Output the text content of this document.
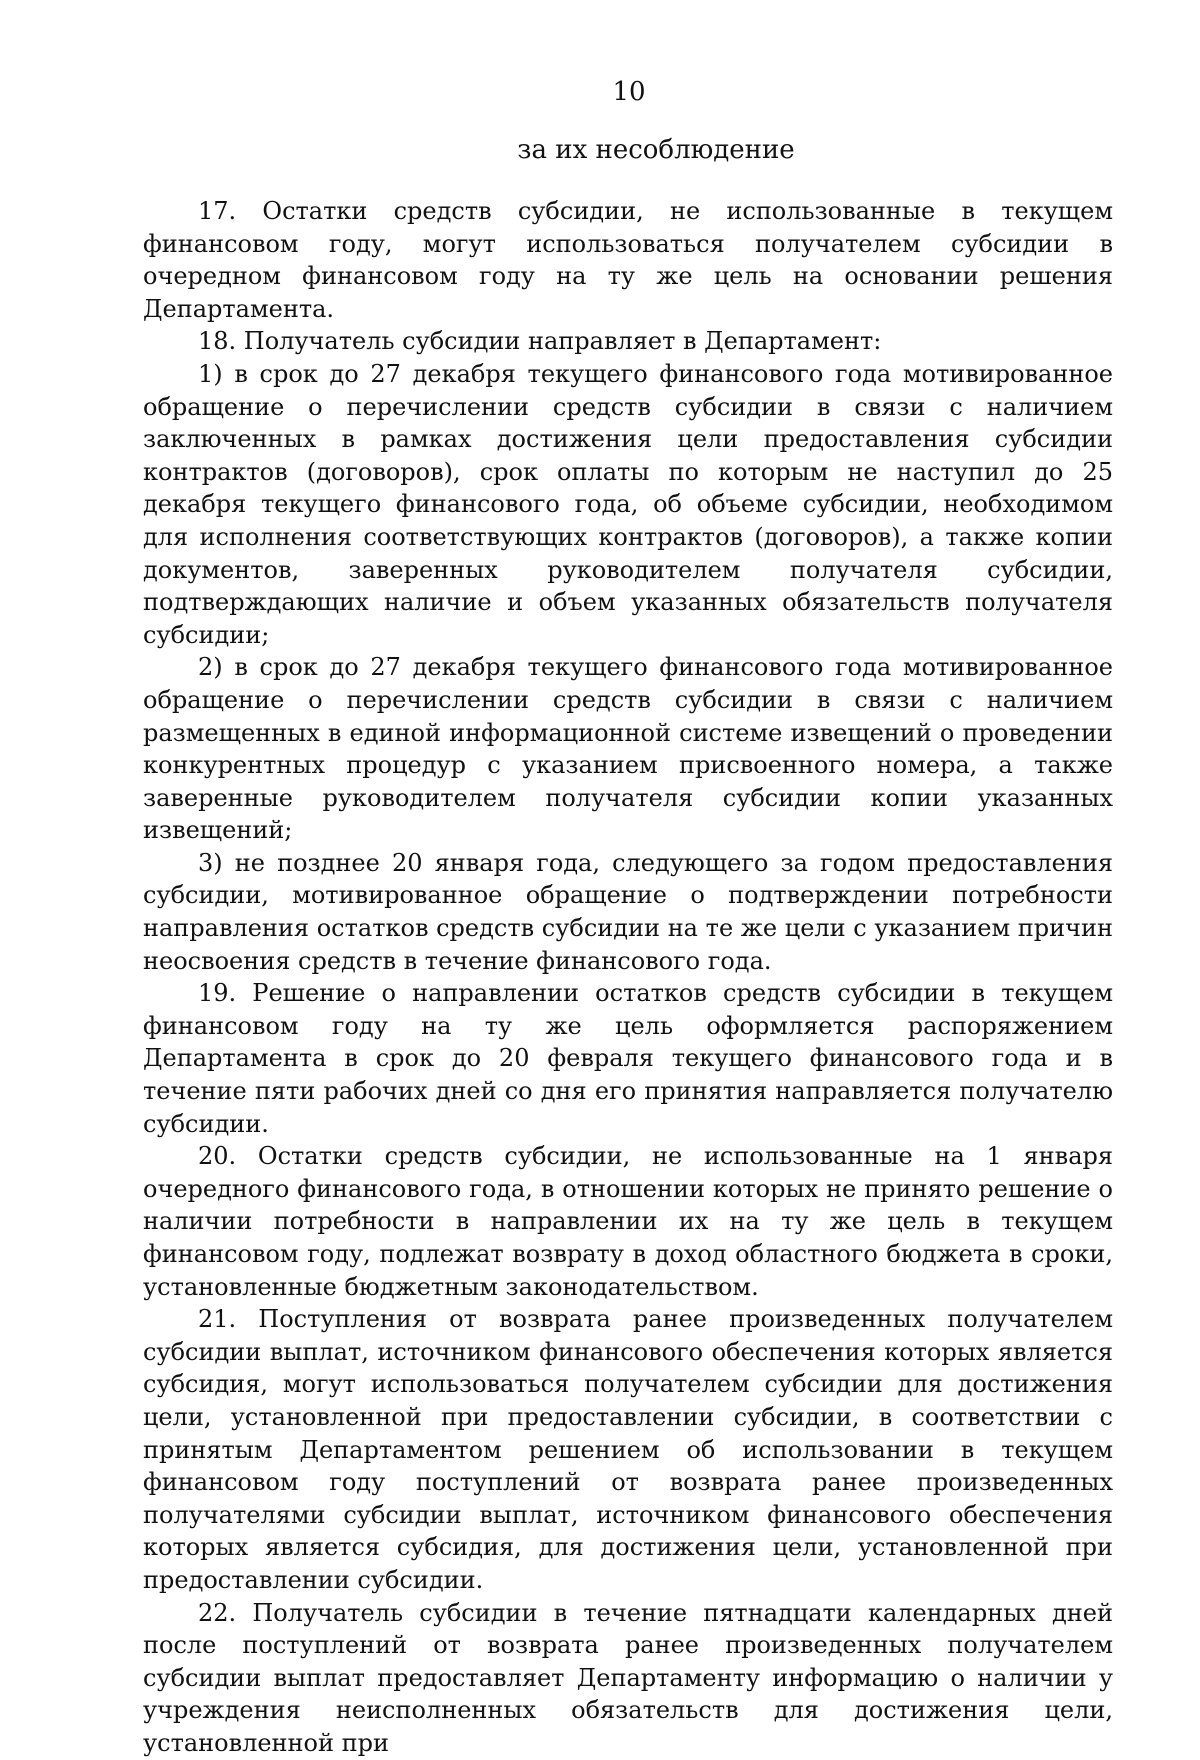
10
за их несоблюдение

17. Остатки средств субсидии, не использованные в текущем финансовом году, могут использоваться получателем субсидии в очередном финансовом году на ту же цель на основании решения Департамента.

18. Получатель субсидии направляет в Департамент:

1) в срок до 27 декабря текущего финансового года мотивированное обращение о перечислении средств субсидии в связи с наличием заключенных в рамках достижения цели предоставления субсидии контрактов (договоров), срок оплаты по которым не наступил до 25 декабря текущего финансового года, об объеме субсидии, необходимом для исполнения соответствующих контрактов (договоров), а также копии документов, заверенных руководителем получателя субсидии, подтверждающих наличие и объем указанных обязательств получателя субсидии;

2) в срок до 27 декабря текущего финансового года мотивированное обращение о перечислении средств субсидии в связи с наличием размещенных в единой информационной системе извещений о проведении конкурентных процедур с указанием присвоенного номера, а также заверенные руководителем получателя субсидии копии указанных извещений;

3) не позднее 20 января года, следующего за годом предоставления субсидии, мотивированное обращение о подтверждении потребности направления остатков средств субсидии на те же цели с указанием причин неосвоения средств в течение финансового года.

19. Решение о направлении остатков средств субсидии в текущем финансовом году на ту же цель оформляется распоряжением Департамента в срок до 20 февраля текущего финансового года и в течение пяти рабочих дней со дня его принятия направляется получателю субсидии.

20. Остатки средств субсидии, не использованные на 1 января очередного финансового года, в отношении которых не принято решение о наличии потребности в направлении их на ту же цель в текущем финансовом году, подлежат возврату в доход областного бюджета в сроки, установленные бюджетным законодательством.

21. Поступления от возврата ранее произведенных получателем субсидии выплат, источником финансового обеспечения которых является субсидия, могут использоваться получателем субсидии для достижения цели, установленной при предоставлении субсидии, в соответствии с принятым Департаментом решением об использовании в текущем финансовом году поступлений от возврата ранее произведенных получателями субсидии выплат, источником финансового обеспечения которых является субсидия, для достижения цели, установленной при предоставлении субсидии.

22. Получатель субсидии в течение пятнадцати календарных дней после поступлений от возврата ранее произведенных получателем субсидии выплат предоставляет Департаменту информацию о наличии у учреждения неисполненных обязательств для достижения цели, установленной при
